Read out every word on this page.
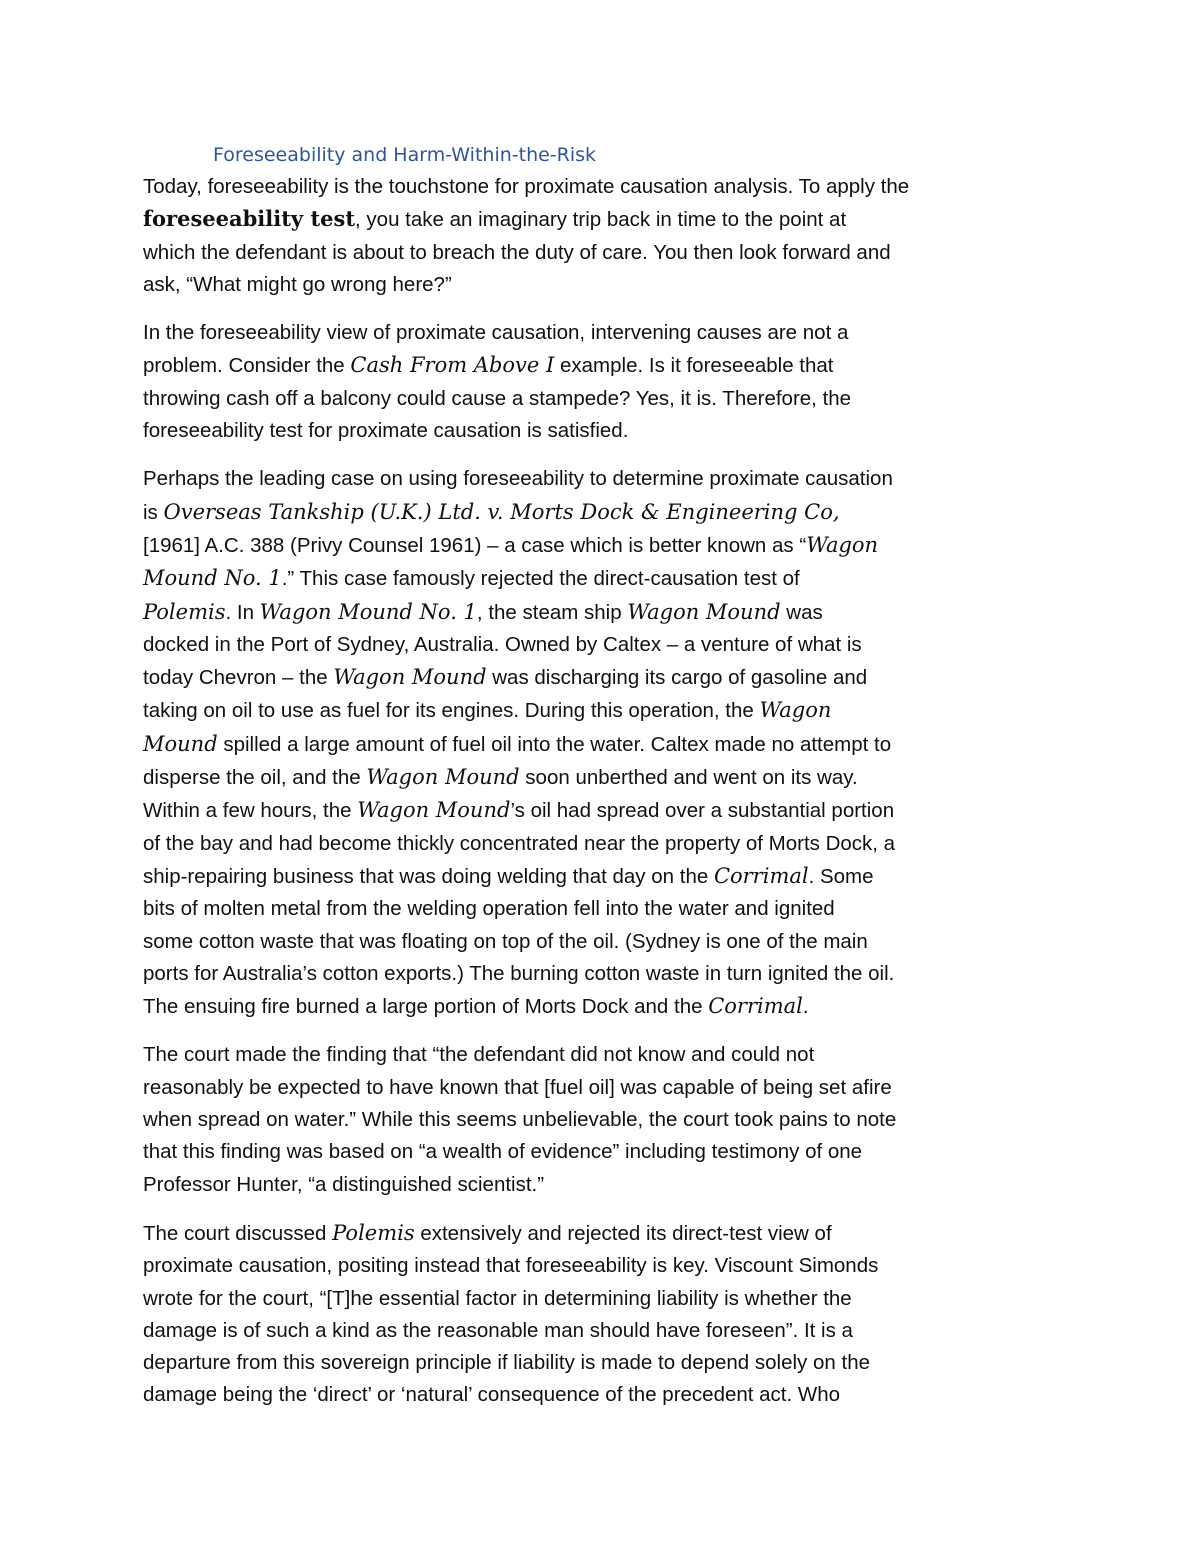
Foreseeability and Harm-Within-the-Risk

Today, foreseeability is the touchstone for proximate causation analysis. To apply the
foreseeability test, you take an imaginary trip back in time to the point at
which the defendant is about to breach the duty of care. You then look forward and
ask, “What might go wrong here?”

In the foreseeability view of proximate causation, intervening causes are not a
problem. Consider the Cash From Above I example. Is it foreseeable that
throwing cash off a balcony could cause a stampede? Yes, it is. Therefore, the
foreseeability test for proximate causation is satisfied.

Perhaps the leading case on using foreseeability to determine proximate causation
is Overseas Tankship (U.K.) Ltd. v. Morts Dock & Engineering Co,
[1961] A.C. 388 (Privy Counsel 1961) – a case which is better known as “Wagon
Mound No. 1.” This case famously rejected the direct-causation test of
Polemis. In Wagon Mound No. 1, the steam ship Wagon Mound was
docked in the Port of Sydney, Australia. Owned by Caltex – a venture of what is
today Chevron – the Wagon Mound was discharging its cargo of gasoline and
taking on oil to use as fuel for its engines. During this operation, the Wagon
Mound spilled a large amount of fuel oil into the water. Caltex made no attempt to
disperse the oil, and the Wagon Mound soon unberthed and went on its way.
Within a few hours, the Wagon Mound’s oil had spread over a substantial portion
of the bay and had become thickly concentrated near the property of Morts Dock, a
ship-repairing business that was doing welding that day on the Corrimal. Some
bits of molten metal from the welding operation fell into the water and ignited
some cotton waste that was floating on top of the oil. (Sydney is one of the main
ports for Australia’s cotton exports.) The burning cotton waste in turn ignited the oil.
The ensuing fire burned a large portion of Morts Dock and the Corrimal.

The court made the finding that “the defendant did not know and could not
reasonably be expected to have known that [fuel oil] was capable of being set afire
when spread on water.” While this seems unbelievable, the court took pains to note
that this finding was based on “a wealth of evidence” including testimony of one
Professor Hunter, “a distinguished scientist.”

The court discussed Polemis extensively and rejected its direct-test view of
proximate causation, positing instead that foreseeability is key. Viscount Simonds
wrote for the court, “[T]he essential factor in determining liability is whether the
damage is of such a kind as the reasonable man should have foreseen”. It is a
departure from this sovereign principle if liability is made to depend solely on the
damage being the ‘direct’ or ‘natural’ consequence of the precedent act. Who
